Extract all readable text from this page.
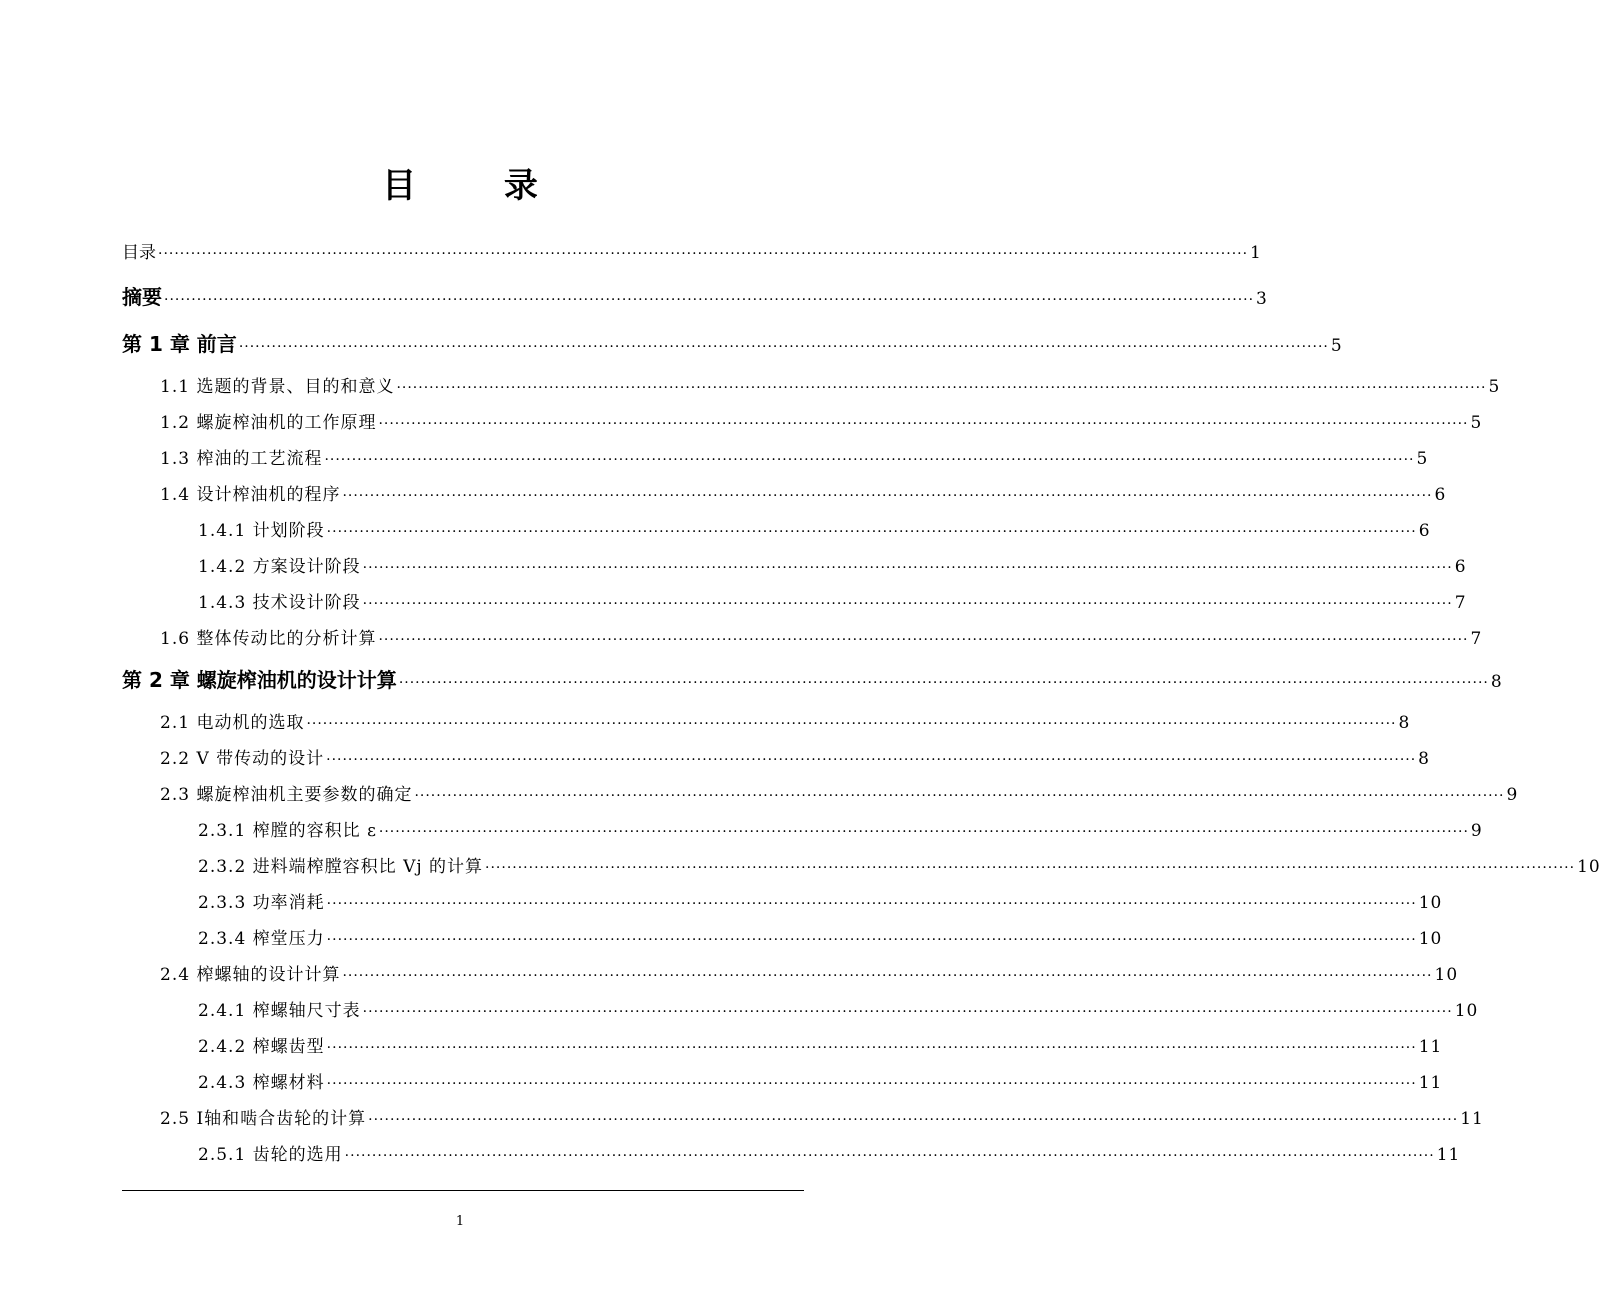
目 录
目录 ········································································································································································································ 1
摘要 ········································································································································································································ 3
第 1 章 前言 ········································································································································································································ 5
1.1 选题的背景、目的和意义 ········································································································································································································ 5
1.2 螺旋榨油机的工作原理 ········································································································································································································ 5
1.3 榨油的工艺流程 ········································································································································································································ 5
1.4 设计榨油机的程序 ········································································································································································································ 6
1.4.1 计划阶段 ········································································································································································································ 6
1.4.2 方案设计阶段 ········································································································································································································ 6
1.4.3 技术设计阶段 ········································································································································································································ 7
1.6 整体传动比的分析计算 ········································································································································································································ 7
第 2 章 螺旋榨油机的设计计算 ········································································································································································································ 8
2.1 电动机的选取 ········································································································································································································ 8
2.2 V 带传动的设计 ········································································································································································································ 8
2.3 螺旋榨油机主要参数的确定 ········································································································································································································ 9
2.3.1 榨膛的容积比 ε ········································································································································································································ 9
2.3.2 进料端榨膛容积比 Vj 的计算 ········································································································································································································ 10
2.3.3 功率消耗 ········································································································································································································ 10
2.3.4 榨堂压力 ········································································································································································································ 10
2.4 榨螺轴的设计计算 ········································································································································································································ 10
2.4.1 榨螺轴尺寸表 ········································································································································································································ 10
2.4.2 榨螺齿型 ········································································································································································································ 11
2.4.3 榨螺材料 ········································································································································································································ 11
2.5 Ⅰ轴和啮合齿轮的计算 ········································································································································································································ 11
2.5.1 齿轮的选用 ········································································································································································································ 11
1
